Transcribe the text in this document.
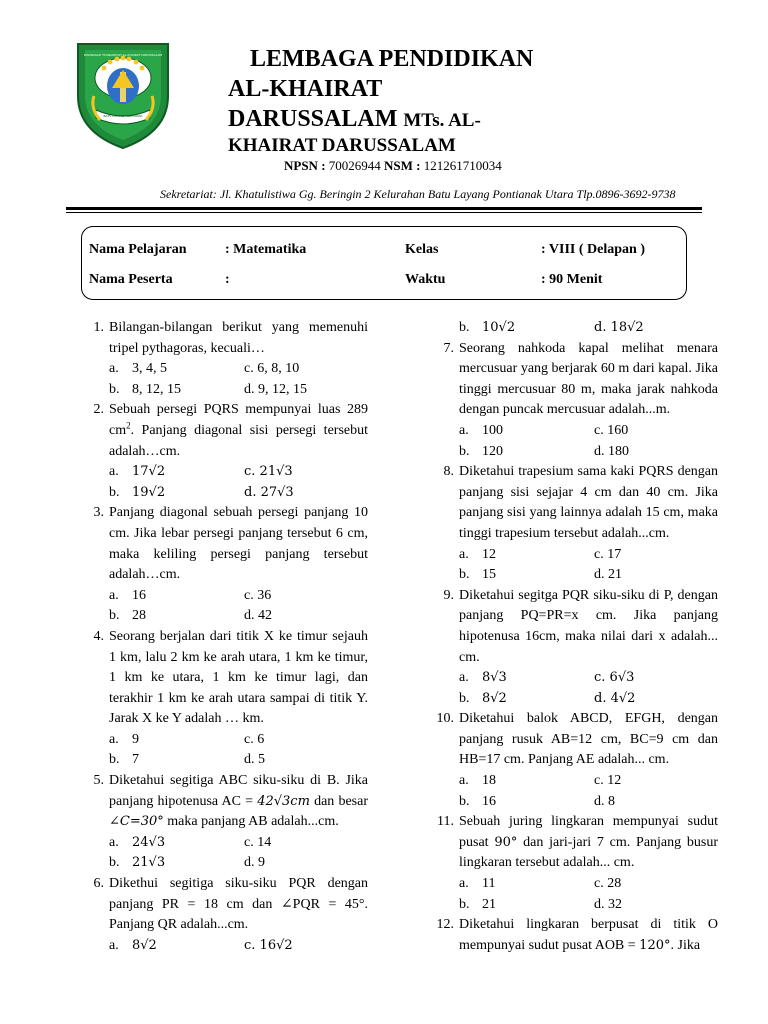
MADRASAH TSANAWIYAH AL-KHAIRAT DARUSSALAM
BATU LAYANG PONTIANAK
LEMBAGA PENDIDIKAN
AL-KHAIRAT
DARUSSALAM MTs. AL-
KHAIRAT DARUSSALAM
NPSN : 70026944 NSM : 121261710034
Sekretariat: Jl. Khatulistiwa Gg. Beringin 2 Kelurahan Batu Layang Pontianak Utara Tlp.0896-3692-9738
Nama Pelajaran	: Matematika	Kelas	: VIII ( Delapan )
Nama Peserta	:	Waktu	: 90 Menit
1. Bilangan-bilangan berikut yang memenuhi tripel pythagoras, kecuali…
a. 3, 4, 5	c. 6, 8, 10
b. 8, 12, 15	d. 9, 12, 15
2. Sebuah persegi PQRS mempunyai luas 289 $cm^2$. Panjang diagonal sisi persegi tersebut adalah…cm.
a. 17√2	c. 21√3
b. 19√2	d. 27√3
3. Panjang diagonal sebuah persegi panjang 10 cm. Jika lebar persegi panjang tersebut 6 cm, maka keliling persegi panjang tersebut adalah…cm.
a. 16	c. 36
b. 28	d. 42
4. Seorang berjalan dari titik X ke timur sejauh 1 km, lalu 2 km ke arah utara, 1 km ke timur, 1 km ke utara, 1 km ke timur lagi, dan terakhir 1 km ke arah utara sampai di titik Y. Jarak X ke Y adalah … km.
a. 9	c. 6
b. 7	d. 5
5. Diketahui segitiga ABC siku-siku di B. Jika panjang hipotenusa AC = 42√3cm dan besar ∠C=30° maka panjang AB adalah...cm.
a. 24√3	c. 14
b. 21√3	d. 9
6. Dikethui segitiga siku-siku PQR dengan panjang PR = 18 cm dan ∠PQR = 45°. Panjang QR adalah...cm.
a. 8√2	c. 16√2
b. 10√2	d. 18√2
7. Seorang nahkoda kapal melihat menara mercusuar yang berjarak 60 m dari kapal. Jika tinggi mercusuar 80 m, maka jarak nahkoda dengan puncak mercusuar adalah...m.
a. 100	c. 160
b. 120	d. 180
8. Diketahui trapesium sama kaki PQRS dengan panjang sisi sejajar 4 cm dan 40 cm. Jika panjang sisi yang lainnya adalah 15 cm, maka tinggi trapesium tersebut adalah...cm.
a. 12	c. 17
b. 15	d. 21
9. Diketahui segitga PQR siku-siku di P, dengan panjang PQ=PR=x cm. Jika panjang hipotenusa 16cm, maka nilai dari x adalah... cm.
a. 8√3	c. 6√3
b. 8√2	d. 4√2
10. Diketahui balok ABCD, EFGH, dengan panjang rusuk AB=12 cm, BC=9 cm dan HB=17 cm. Panjang AE adalah... cm.
a. 18	c. 12
b. 16	d. 8
11. Sebuah juring lingkaran mempunyai sudut pusat 90° dan jari-jari 7 cm. Panjang busur lingkaran tersebut adalah... cm.
a. 11	c. 28
b. 21	d. 32
12. Diketahui lingkaran berpusat di titik O mempunyai sudut pusat AOB = 120°. Jika
